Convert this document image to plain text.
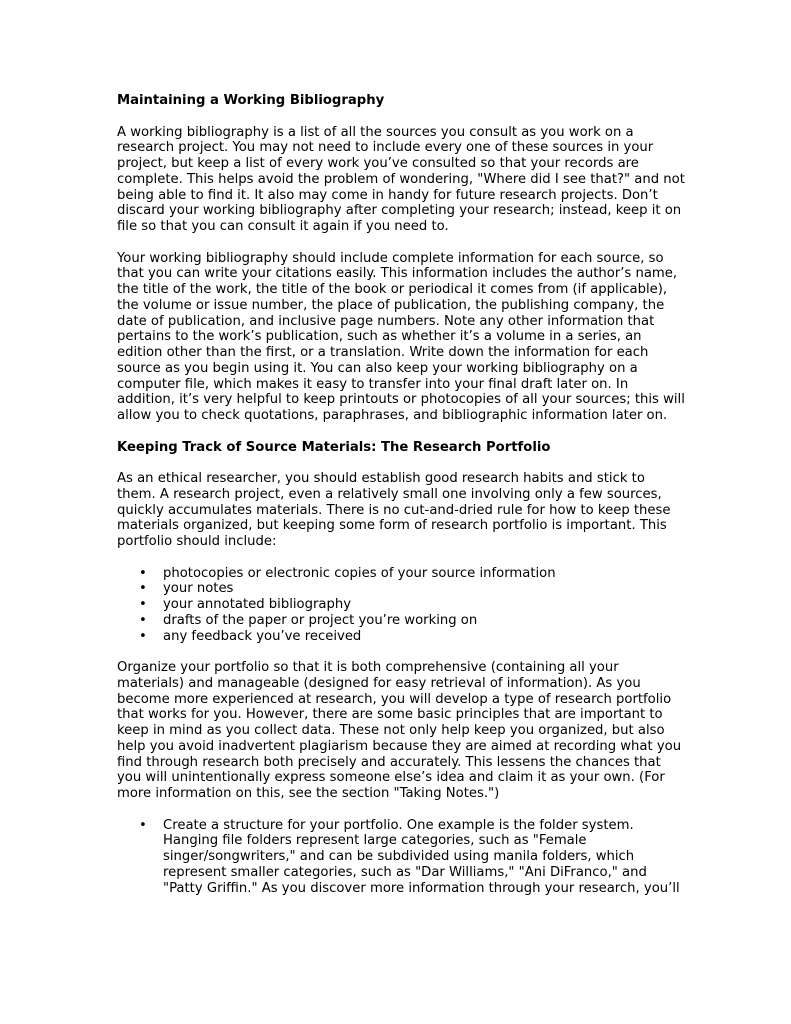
Maintaining a Working Bibliography

A working bibliography is a list of all the sources you consult as you work on a research project. You may not need to include every one of these sources in your project, but keep a list of every work you’ve consulted so that your records are complete. This helps avoid the problem of wondering, "Where did I see that?" and not being able to find it. It also may come in handy for future research projects. Don’t discard your working bibliography after completing your research; instead, keep it on file so that you can consult it again if you need to.

Your working bibliography should include complete information for each source, so that you can write your citations easily. This information includes the author’s name, the title of the work, the title of the book or periodical it comes from (if applicable), the volume or issue number, the place of publication, the publishing company, the date of publication, and inclusive page numbers. Note any other information that pertains to the work’s publication, such as whether it’s a volume in a series, an edition other than the first, or a translation. Write down the information for each source as you begin using it. You can also keep your working bibliography on a computer file, which makes it easy to transfer into your final draft later on. In addition, it’s very helpful to keep printouts or photocopies of all your sources; this will allow you to check quotations, paraphrases, and bibliographic information later on.

Keeping Track of Source Materials: The Research Portfolio

As an ethical researcher, you should establish good research habits and stick to them. A research project, even a relatively small one involving only a few sources, quickly accumulates materials. There is no cut-and-dried rule for how to keep these materials organized, but keeping some form of research portfolio is important. This portfolio should include:

• photocopies or electronic copies of your source information
• your notes
• your annotated bibliography
• drafts of the paper or project you’re working on
• any feedback you’ve received

Organize your portfolio so that it is both comprehensive (containing all your materials) and manageable (designed for easy retrieval of information). As you become more experienced at research, you will develop a type of research portfolio that works for you. However, there are some basic principles that are important to keep in mind as you collect data. These not only help keep you organized, but also help you avoid inadvertent plagiarism because they are aimed at recording what you find through research both precisely and accurately. This lessens the chances that you will unintentionally express someone else’s idea and claim it as your own. (For more information on this, see the section "Taking Notes.")

• Create a structure for your portfolio. One example is the folder system. Hanging file folders represent large categories, such as "Female singer/songwriters," and can be subdivided using manila folders, which represent smaller categories, such as "Dar Williams," "Ani DiFranco," and "Patty Griffin." As you discover more information through your research, you’ll
